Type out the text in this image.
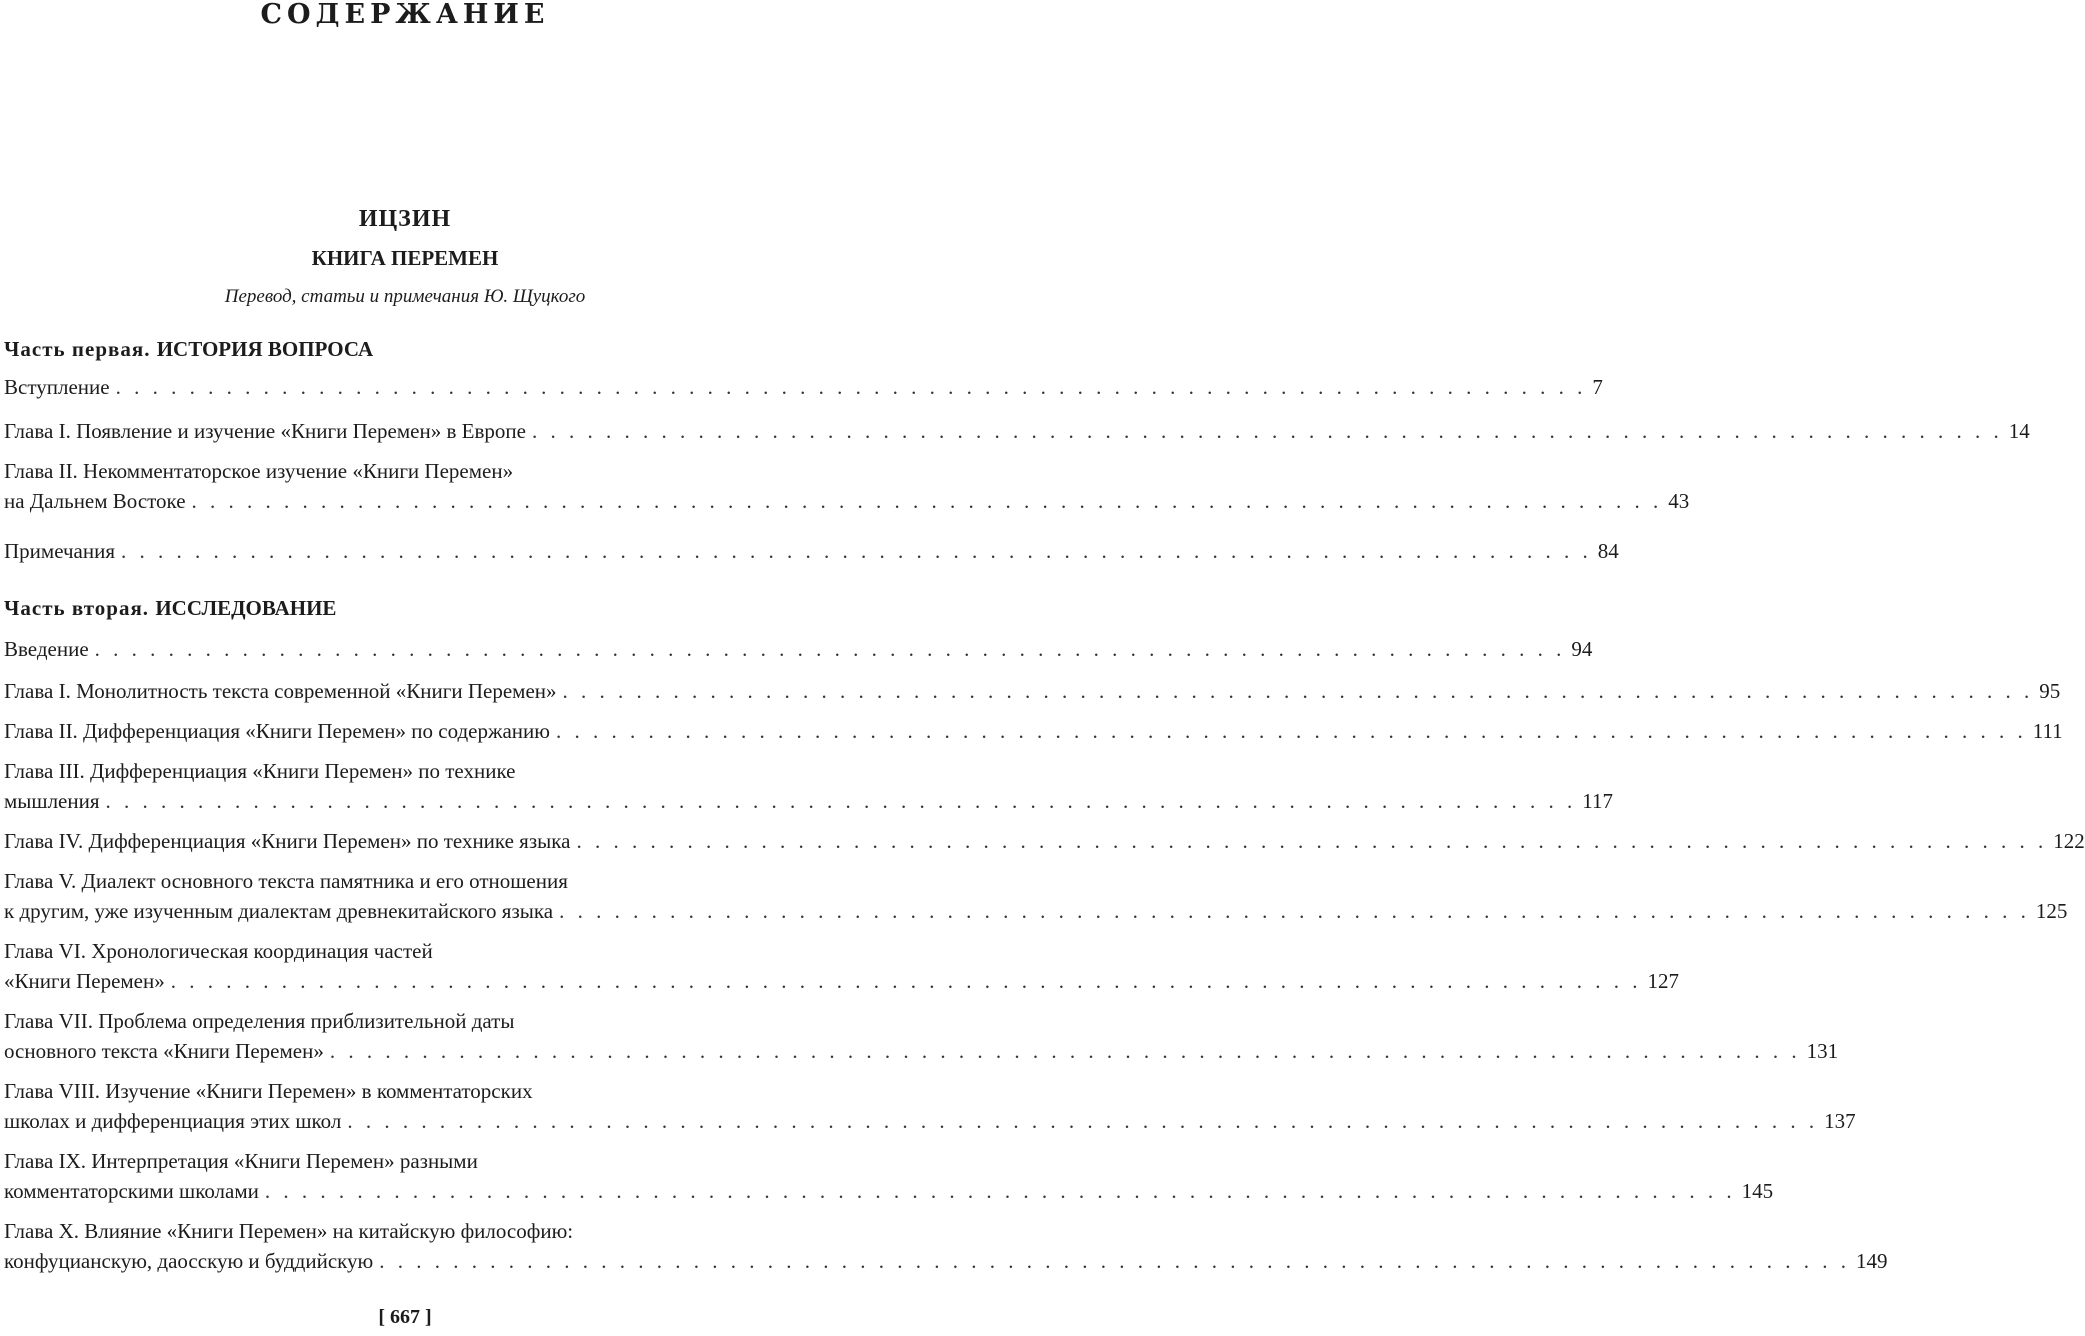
СОДЕРЖАНИЕ
ИЦЗИН
КНИГА ПЕРЕМЕН
Перевод, статьи и примечания Ю. Щуцкого
Часть первая. ИСТОРИЯ ВОПРОСА
Вступление . . . . . . . . . . . . . . . . . . . . . . . . . . . . . . . . . . . . . . . . . . . . . . . . . . . . . . . . . . . . . . . . . . . . . . . . . . . . . . . . 7
Глава I. Появление и изучение «Книги Перемен» в Европе . . . . . . . . . . . . . . . . . . . . . . . . . . . . . . . . . . . . . . . . . . . . . . . . . . . . . . . . . . . . . . . . . . . . . . . . . . . . . . . . 14
Глава II. Некомментаторское изучение «Книги Перемен»
на Дальнем Востоке . . . . . . . . . . . . . . . . . . . . . . . . . . . . . . . . . . . . . . . . . . . . . . . . . . . . . . . . . . . . . . . . . . . . . . . . . . . . . . . . 43
Примечания . . . . . . . . . . . . . . . . . . . . . . . . . . . . . . . . . . . . . . . . . . . . . . . . . . . . . . . . . . . . . . . . . . . . . . . . . . . . . . . . 84
Часть вторая. ИССЛЕДОВАНИЕ
Введение . . . . . . . . . . . . . . . . . . . . . . . . . . . . . . . . . . . . . . . . . . . . . . . . . . . . . . . . . . . . . . . . . . . . . . . . . . . . . . . . 94
Глава I. Монолитность текста современной «Книги Перемен» . . . . . . . . . . . . . . . . . . . . . . . . . . . . . . . . . . . . . . . . . . . . . . . . . . . . . . . . . . . . . . . . . . . . . . . . . . . . . . . . 95
Глава II. Дифференциация «Книги Перемен» по содержанию . . . . . . . . . . . . . . . . . . . . . . . . . . . . . . . . . . . . . . . . . . . . . . . . . . . . . . . . . . . . . . . . . . . . . . . . . . . . . . . . 111
Глава III. Дифференциация «Книги Перемен» по технике
мышления . . . . . . . . . . . . . . . . . . . . . . . . . . . . . . . . . . . . . . . . . . . . . . . . . . . . . . . . . . . . . . . . . . . . . . . . . . . . . . . . 117
Глава IV. Дифференциация «Книги Перемен» по технике языка . . . . . . . . . . . . . . . . . . . . . . . . . . . . . . . . . . . . . . . . . . . . . . . . . . . . . . . . . . . . . . . . . . . . . . . . . . . . . . . . 122
Глава V. Диалект основного текста памятника и его отношения
к другим, уже изученным диалектам древнекитайского языка . . . . . . . . . . . . . . . . . . . . . . . . . . . . . . . . . . . . . . . . . . . . . . . . . . . . . . . . . . . . . . . . . . . . . . . . . . . . . . . . 125
Глава VI. Хронологическая координация частей
«Книги Перемен» . . . . . . . . . . . . . . . . . . . . . . . . . . . . . . . . . . . . . . . . . . . . . . . . . . . . . . . . . . . . . . . . . . . . . . . . . . . . . . . . 127
Глава VII. Проблема определения приблизительной даты
основного текста «Книги Перемен» . . . . . . . . . . . . . . . . . . . . . . . . . . . . . . . . . . . . . . . . . . . . . . . . . . . . . . . . . . . . . . . . . . . . . . . . . . . . . . . . 131
Глава VIII. Изучение «Книги Перемен» в комментаторских
школах и дифференциация этих школ . . . . . . . . . . . . . . . . . . . . . . . . . . . . . . . . . . . . . . . . . . . . . . . . . . . . . . . . . . . . . . . . . . . . . . . . . . . . . . . . 137
Глава IX. Интерпретация «Книги Перемен» разными
комментаторскими школами . . . . . . . . . . . . . . . . . . . . . . . . . . . . . . . . . . . . . . . . . . . . . . . . . . . . . . . . . . . . . . . . . . . . . . . . . . . . . . . . 145
Глава X. Влияние «Книги Перемен» на китайскую философию:
конфуцианскую, даосскую и буддийскую . . . . . . . . . . . . . . . . . . . . . . . . . . . . . . . . . . . . . . . . . . . . . . . . . . . . . . . . . . . . . . . . . . . . . . . . . . . . . . . . 149
[ 667 ]
